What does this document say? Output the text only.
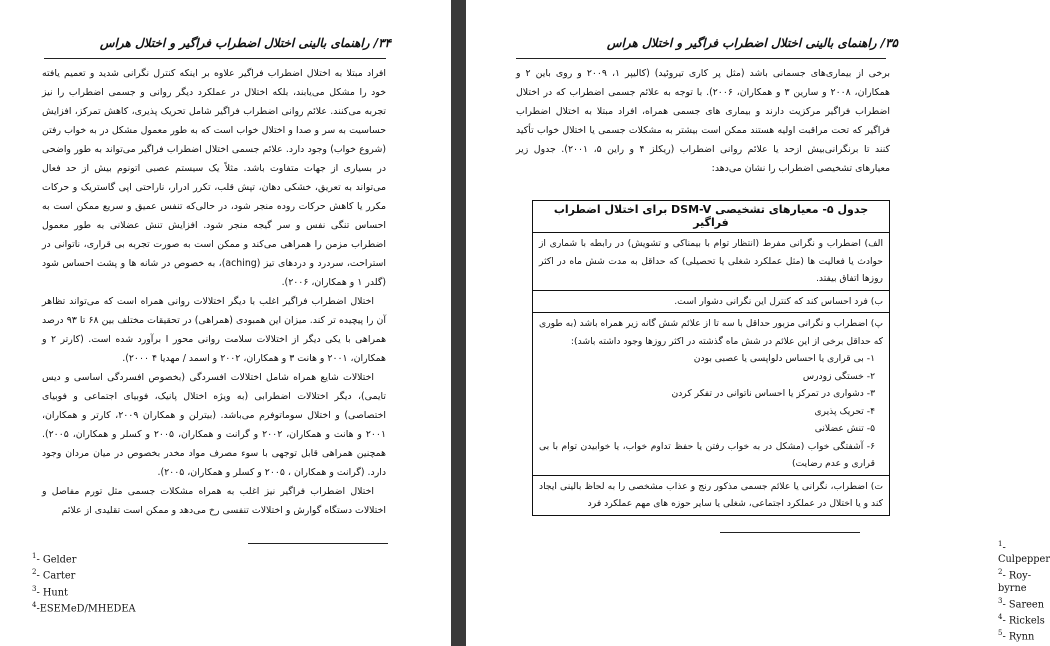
۳۴/ راهنمای بالینی اختلال اضطراب فراگیر و اختلال هراس

افراد مبتلا به اختلال اضطراب فراگیر علاوه بر اینکه کنترل نگرانی شدید و تعمیم یافته خود را مشکل می‌یابند، بلکه اختلال در عملکرد دیگر روانی و جسمی اضطراب را نیز تجربه می‌کنند. علائم روانی اضطراب فراگیر شامل تحریک پذیری، کاهش تمرکز، افزایش حساسیت به سر و صدا و اختلال خواب است که به طور معمول مشکل در به خواب رفتن (شروع خواب) وجود دارد. علائم جسمی اختلال اضطراب فراگیر می‌تواند به طور واضحی در بسیاری از جهات متفاوت باشد. مثلاً یک سیستم عصبی اتونوم بیش از حد فعال می‌تواند به تعریق، خشکی دهان، تپش قلب، تکرر ادرار، ناراحتی اپی گاستریک و حرکات مکرر یا کاهش حرکات روده منجر شود، در حالی‌که تنفس عمیق و سریع ممکن است به احساس تنگی نفس و سر گیجه منجر شود. افزایش تنش عضلانی به طور معمول اضطراب مزمن را همراهی می‌کند و ممکن است به صورت تجربه بی قراری، ناتوانی در استراحت، سردرد و دردهای تیز (aching)، به خصوص در شانه ها و پشت احساس شود (گلدر ۱ و همکاران، ۲۰۰۶).

اختلال اضطراب فراگیر اغلب با دیگر اختلالات روانی همراه است که می‌تواند تظاهر آن را پیچیده تر کند. میزان این همبودی (همراهی) در تحقیقات مختلف بین ۶۸ تا ۹۳ درصد همراهی با یکی دیگر از اختلالات سلامت روانی محور I برآورد شده است. (کارتر ۲ و همکاران، ۲۰۰۱ و هانت ۳ و همکاران، ۲۰۰۲ و اسمد / مهدیا ۴ ۲۰۰۰).

اختلالات شایع همراه شامل اختلالات افسردگی (بخصوص افسردگی اساسی و دیس تایمی)، دیگر اختلالات اضطرابی (به ویژه اختلال پانیک، فوبیای اجتماعی و فوبیای اختصاصی) و اختلال سوماتوفرم می‌باشد. (بیترلن و همکاران ۲۰۰۹، کارتر و همکاران، ۲۰۰۱ و هانت و همکاران، ۲۰۰۲ و گرانت و همکاران، ۲۰۰۵ و کسلر و همکاران، ۲۰۰۵). همچنین همراهی قابل توجهی با سوء مصرف مواد مخدر بخصوص در میان مردان وجود دارد. (گرانت و همکاران ، ۲۰۰۵ و کسلر و همکاران، ۲۰۰۵).

اختلال اضطراب فراگیر نیز اغلب به همراه مشکلات جسمی مثل تورم مفاصل و اختلالات دستگاه گوارش و اختلالات تنفسی رخ می‌دهد و ممکن است تقلیدی از علائم

$^1$- Gelder
$^2$- Carter
$^3$- Hunt
$^4$-ESEMeD/MHEDEA
۳۵/ راهنمای بالینی اختلال اضطراب فراگیر و اختلال هراس

برخی از بیماری‌های جسمانی باشد (مثل پر کاری تیروئید) (کالیپر ۱، ۲۰۰۹ و روی باین ۲ و همکاران، ۲۰۰۸ و سارین ۳ و همکاران، ۲۰۰۶). با توجه به علائم جسمی اضطراب که در اختلال اضطراب فراگیر مرکزیت دارند و بیماری های جسمی همراه، افراد مبتلا به اختلال اضطراب فراگیر که تحت مراقبت اولیه هستند ممکن است بیشتر به مشکلات جسمی یا اختلال خواب تأکید کنند تا برنگرانی‌بیش ازحد یا علائم روانی اضطراب (ریکلز ۴ و راین ۵، ۲۰۰۱). جدول زیر معیارهای تشخیصی اضطراب را نشان می‌دهد:

جدول ۵- معیارهای تشخیصی DSM-V برای اختلال اضطراب فراگیر
الف) اضطراب و نگرانی مفرط (انتظار توام با بیمناکی و تشویش) در رابطه با شماری از حوادث یا فعالیت ها (مثل عملکرد شغلی یا تحصیلی) که حداقل به مدت شش ماه در اکثر روزها اتفاق بیفتد.
ب) فرد احساس کند که کنترل این نگرانی دشوار است.
پ) اضطراب و نگرانی مزبور حداقل با سه تا از علائم شش گانه زیر همراه باشد (به طوری که حداقل برخی از این علائم در شش ماه گذشته در اکثر روزها وجود داشته باشد):
۱- بی قراری یا احساس دلواپسی یا عصبی بودن
۲- خستگی زودرس
۳- دشواری در تمرکز یا احساس ناتوانی در تفکر کردن
۴- تحریک پذیری
۵- تنش عضلانی
۶- آشفتگی خواب (مشکل در به خواب رفتن یا حفظ تداوم خواب، یا خوابیدن توام با بی قراری و عدم رضایت)
ت) اضطراب، نگرانی یا علائم جسمی مذکور رنج و عذاب مشخصی را به لحاظ بالینی ایجاد کند و یا اختلال در عملکرد اجتماعی، شغلی یا سایر حوزه های مهم عملکرد فرد
$^1$- Culpepper
$^2$- Roy-byrne
$^3$- Sareen
$^4$- Rickels
$^5$- Rynn
